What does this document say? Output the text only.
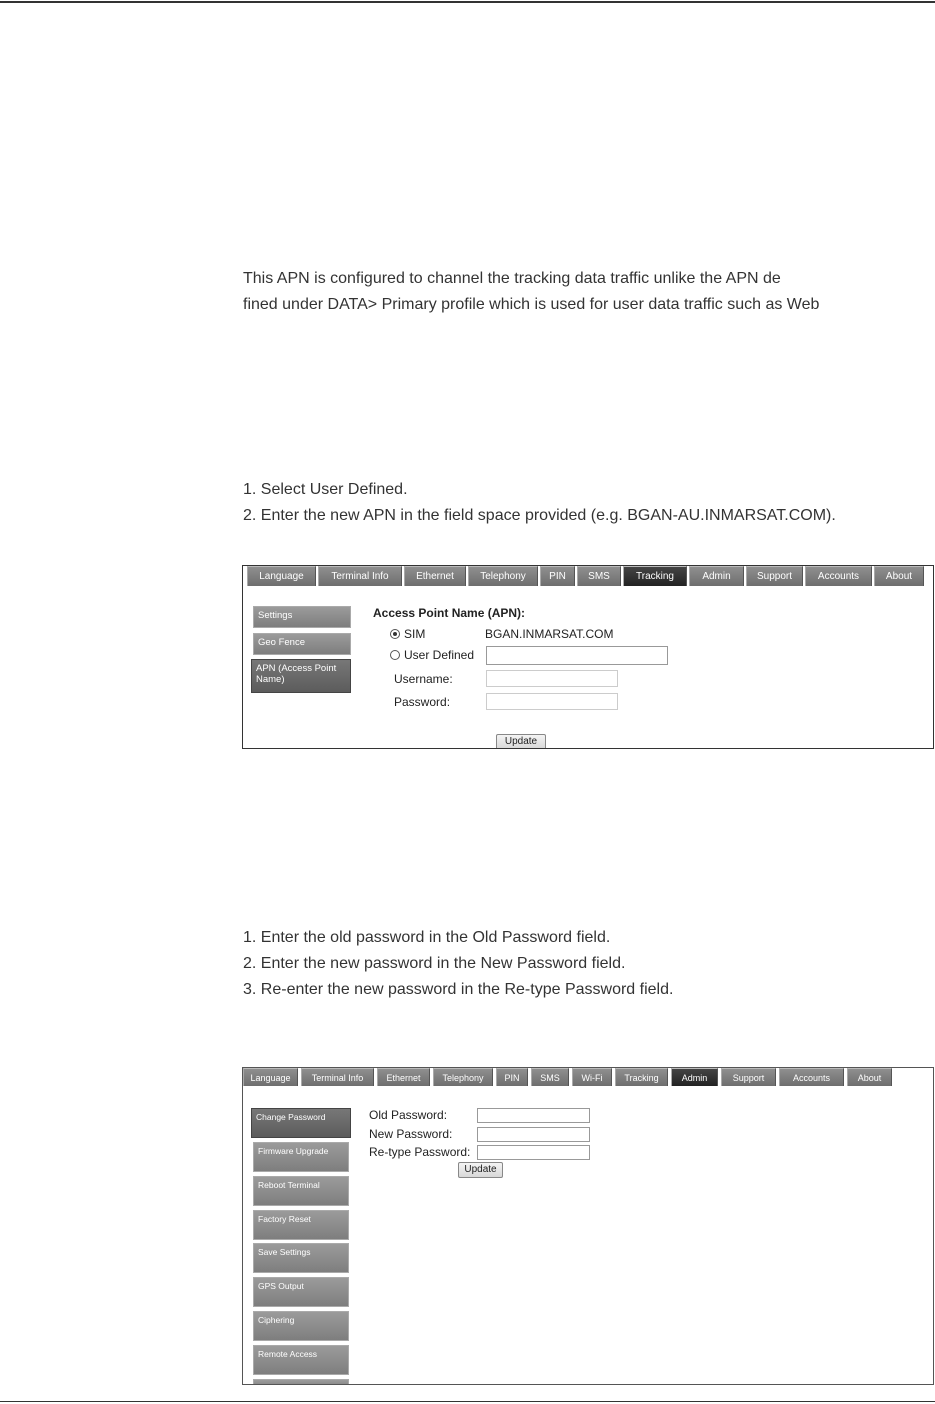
This APN is configured to channel the tracking data traffic unlike the APN de

fined under DATA> Primary profile which is used for user data traffic such as Web

1. Select User Defined.

2. Enter the new APN in the field space provided (e.g. BGAN-AU.INMARSAT.COM).

Language	Terminal Info	Ethernet	Telephony	PIN	SMS	Tracking	Admin	Support	Accounts	About
Settings
Geo Fence
APN (Access Point Name)
Access Point Name (APN):
SIM	BGAN.INMARSAT.COM
User Defined
Username:
Password:
Update

1. Enter the old password in the Old Password field.

2. Enter the new password in the New Password field.

3. Re-enter the new password in the Re-type Password field.

Language	Terminal Info	Ethernet	Telephony	PIN	SMS	Wi-Fi	Tracking	Admin	Support	Accounts	About
Change Password
Firmware Upgrade
Reboot Terminal
Factory Reset
Save Settings
GPS Output
Ciphering
Remote Access
Old Password:
New Password:
Re-type Password:
Update
